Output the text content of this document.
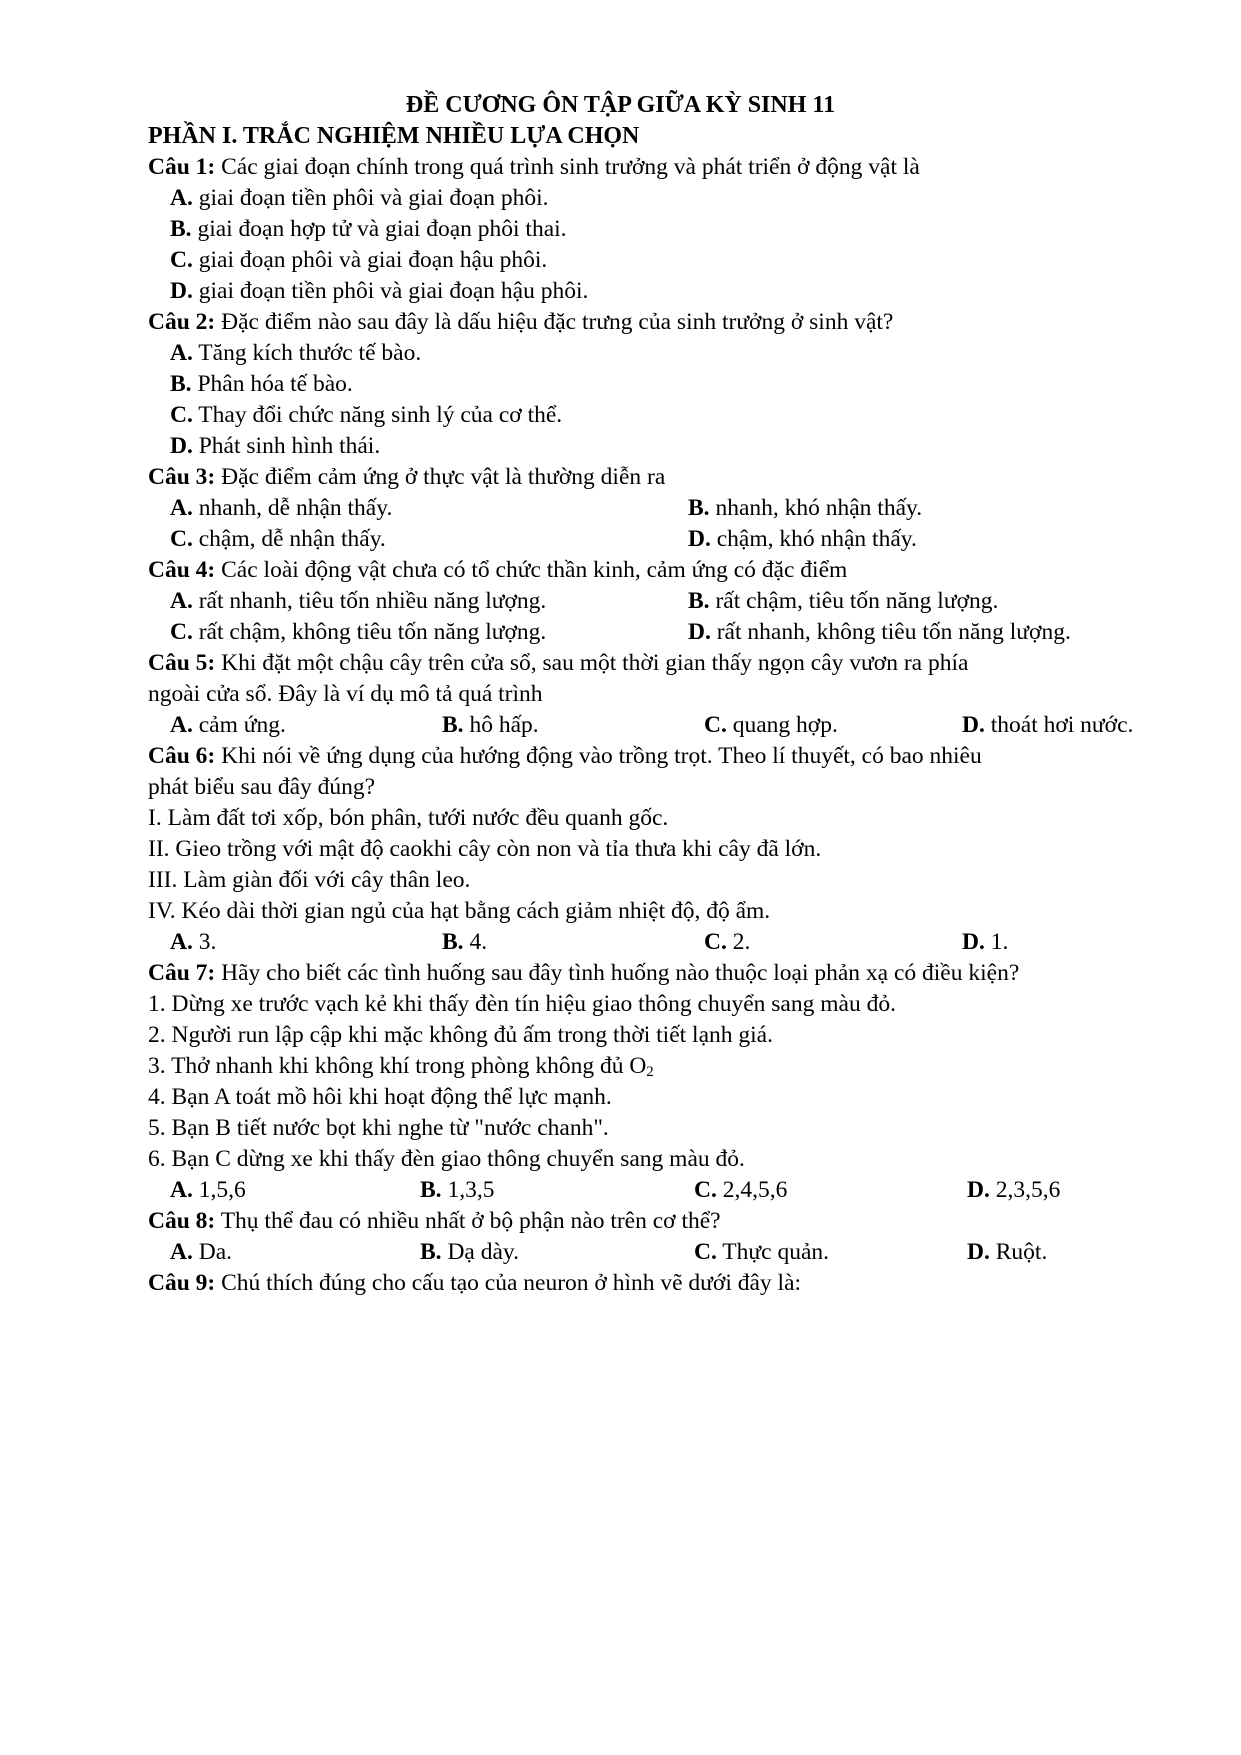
ĐỀ CƯƠNG ÔN TẬP GIỮA KỲ SINH 11
PHẦN I. TRẮC NGHIỆM NHIỀU LỰA CHỌN
Câu 1: Các giai đoạn chính trong quá trình sinh trưởng và phát triển ở động vật là
A. giai đoạn tiền phôi và giai đoạn phôi.
B. giai đoạn hợp tử và giai đoạn phôi thai.
C. giai đoạn phôi và giai đoạn hậu phôi.
D. giai đoạn tiền phôi và giai đoạn hậu phôi.
Câu 2: Đặc điểm nào sau đây là dấu hiệu đặc trưng của sinh trưởng ở sinh vật?
A. Tăng kích thước tế bào.
B. Phân hóa tế bào.
C. Thay đổi chức năng sinh lý của cơ thể.
D. Phát sinh hình thái.
Câu 3: Đặc điểm cảm ứng ở thực vật là thường diễn ra
A. nhanh, dễ nhận thấy.	B. nhanh, khó nhận thấy.
C. chậm, dễ nhận thấy.	D. chậm, khó nhận thấy.
Câu 4: Các loài động vật chưa có tổ chức thần kinh, cảm ứng có đặc điểm
A. rất nhanh, tiêu tốn nhiều năng lượng.	B. rất chậm, tiêu tốn năng lượng.
C. rất chậm, không tiêu tốn năng lượng.	D. rất nhanh, không tiêu tốn năng lượng.
Câu 5: Khi đặt một chậu cây trên cửa sổ, sau một thời gian thấy ngọn cây vươn ra phía
ngoài cửa sổ. Đây là ví dụ mô tả quá trình
A. cảm ứng.	B. hô hấp.	C. quang hợp.	D. thoát hơi nước.
Câu 6: Khi nói về ứng dụng của hướng động vào trồng trọt. Theo lí thuyết, có bao nhiêu
phát biểu sau đây đúng?
I. Làm đất tơi xốp, bón phân, tưới nước đều quanh gốc.
II. Gieo trồng với mật độ caokhi cây còn non và tỉa thưa khi cây đã lớn.
III. Làm giàn đối với cây thân leo.
IV. Kéo dài thời gian ngủ của hạt bằng cách giảm nhiệt độ, độ ẩm.
A. 3.	B. 4.	C. 2.	D. 1.
Câu 7: Hãy cho biết các tình huống sau đây tình huống nào thuộc loại phản xạ có điều kiện?
1. Dừng xe trước vạch kẻ khi thấy đèn tín hiệu giao thông chuyển sang màu đỏ.
2. Người run lập cập khi mặc không đủ ấm trong thời tiết lạnh giá.
3. Thở nhanh khi không khí trong phòng không đủ $O_2$
4. Bạn A toát mồ hôi khi hoạt động thể lực mạnh.
5. Bạn B tiết nước bọt khi nghe từ "nước chanh".
6. Bạn C dừng xe khi thấy đèn giao thông chuyển sang màu đỏ.
A. 1,5,6	B. 1,3,5	C. 2,4,5,6	D. 2,3,5,6
Câu 8: Thụ thể đau có nhiều nhất ở bộ phận nào trên cơ thể?
A. Da.	B. Dạ dày.	C. Thực quản.	D. Ruột.
Câu 9: Chú thích đúng cho cấu tạo của neuron ở hình vẽ dưới đây là:
